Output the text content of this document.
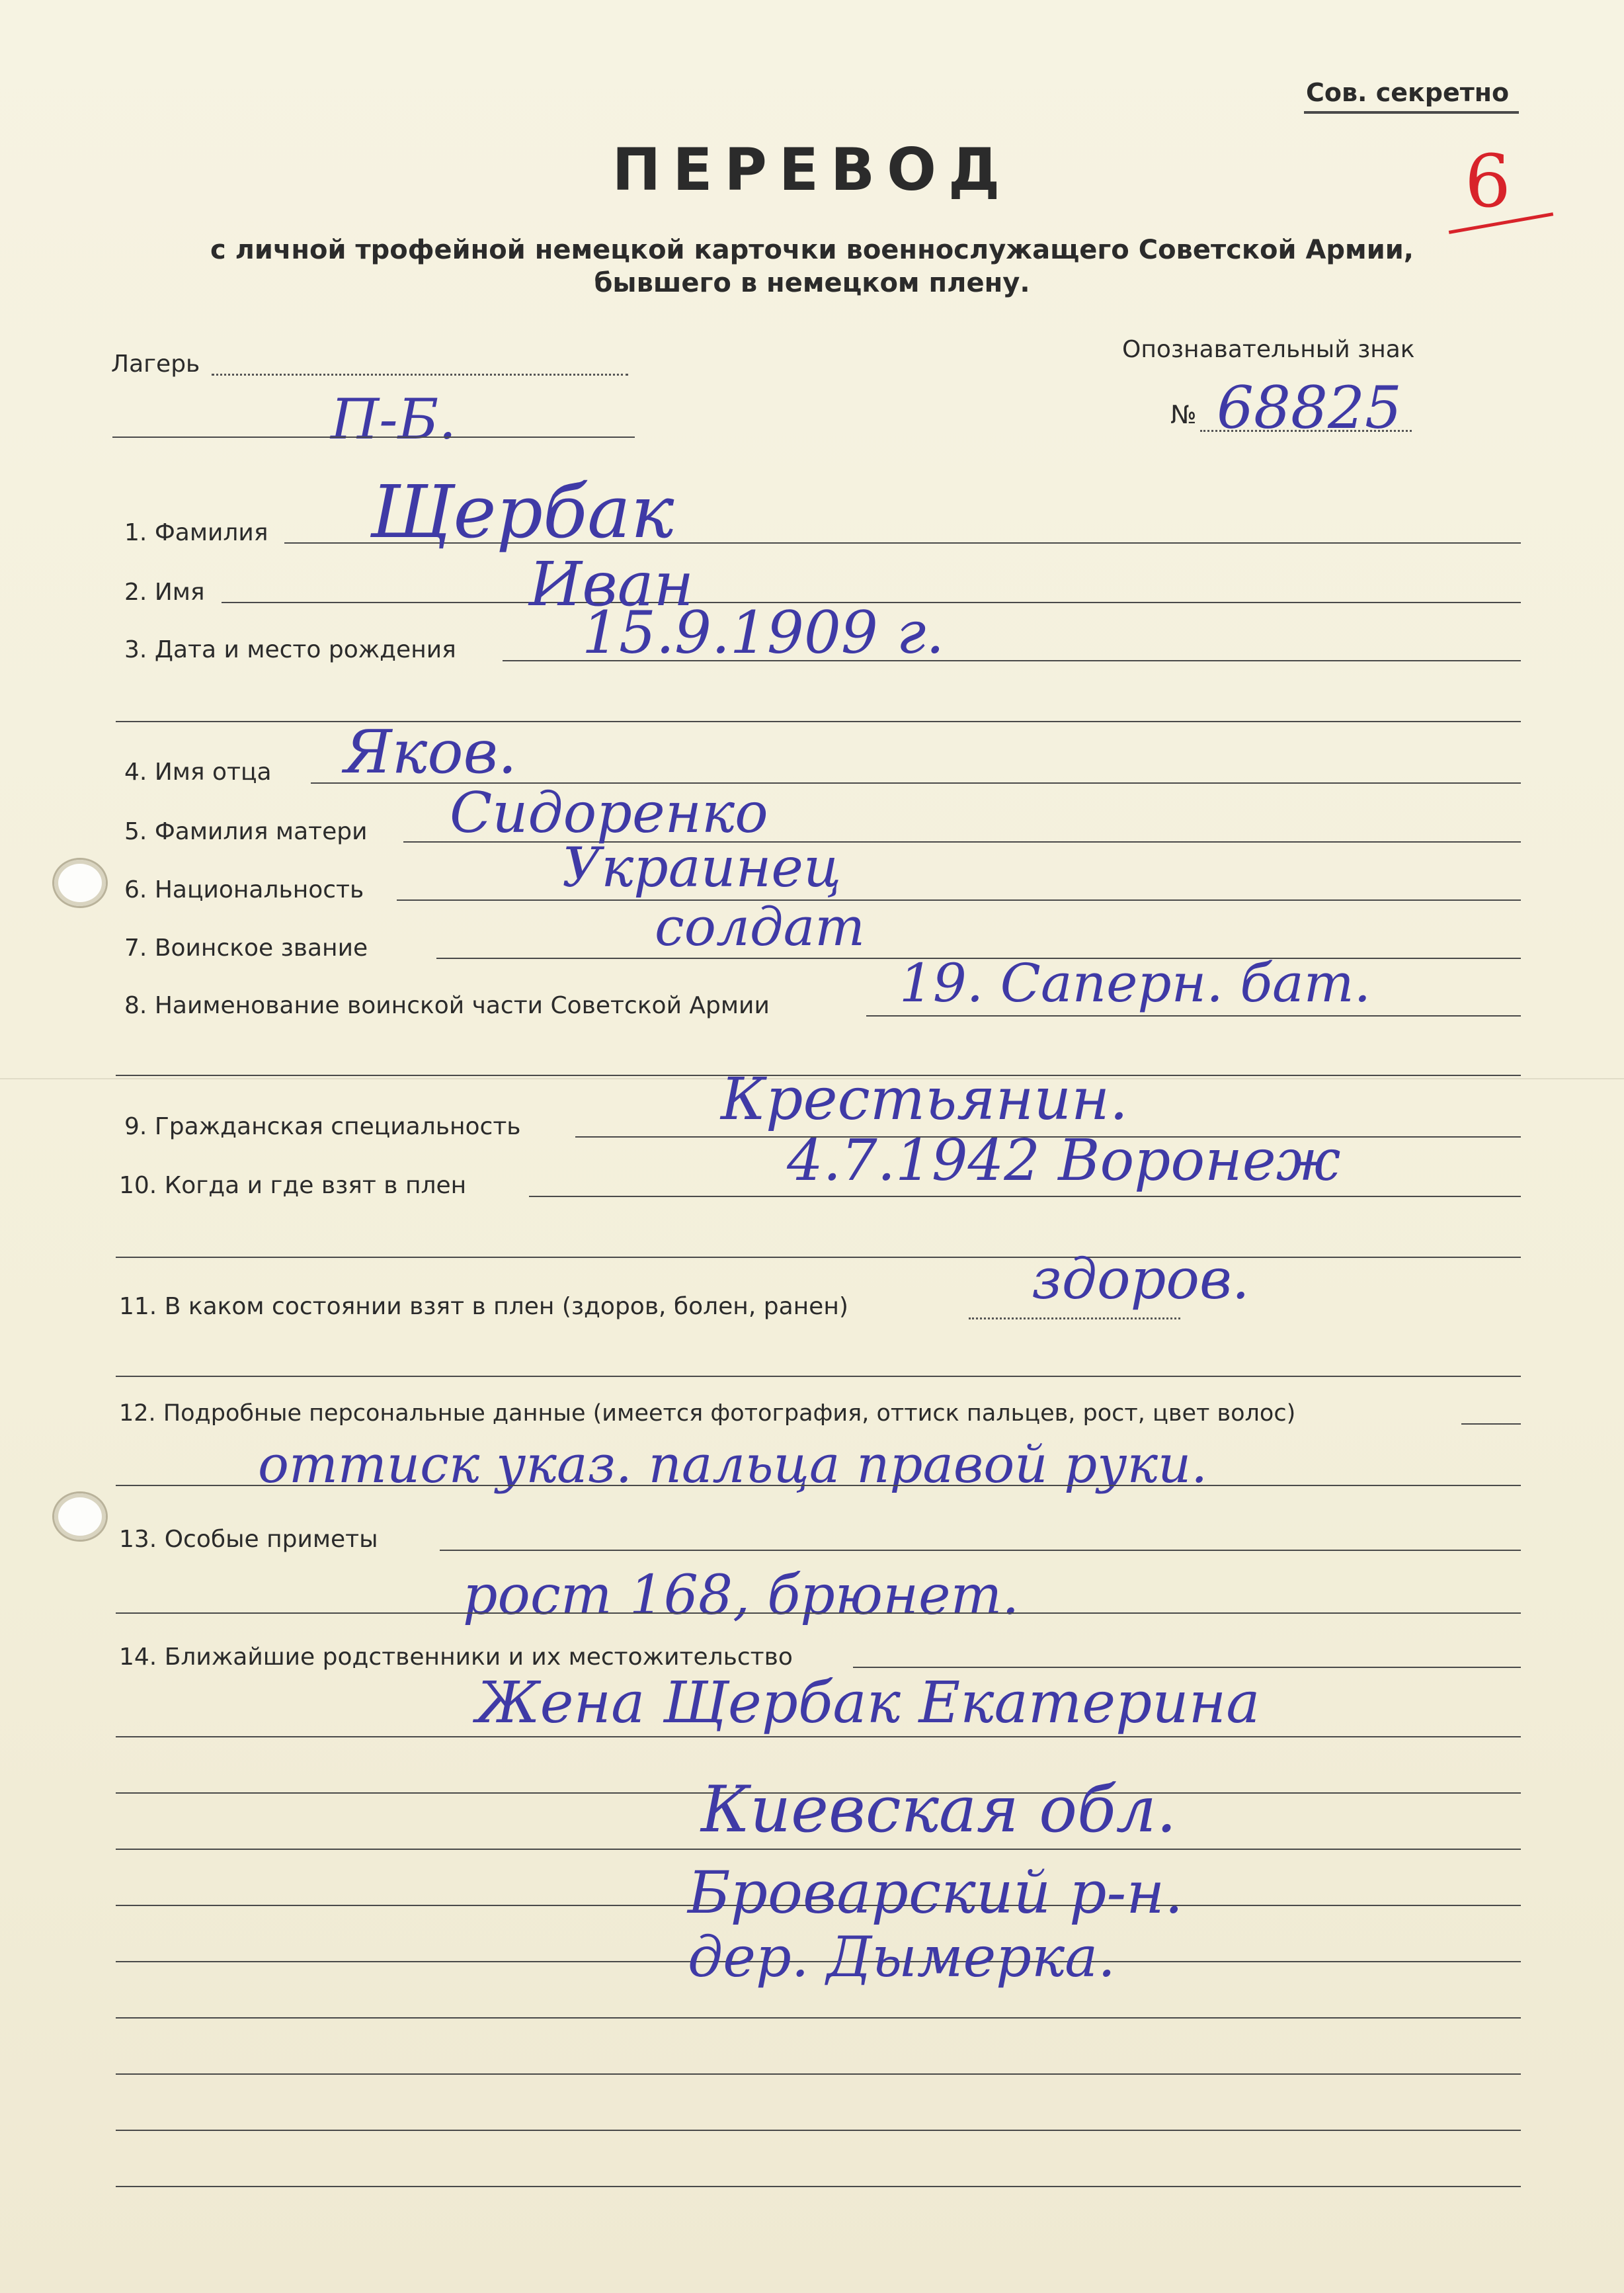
Сов. секретно
6
ПЕРЕВОД
с личной трофейной немецкой карточки военнослужащего Советской Армии,
бывшего в немецком плену.
Лагерь
П-Б.
Опознавательный знак
№ 68825
1. Фамилия Щербак
2. Имя	Иван
3. Дата и место рождения 15.9.1909 г.
4. Имя отца Яков.
5. Фамилия матери Сидоренко
6. Национальность	Украинец
7. Воинское звание	солдат
8. Наименование воинской части Советской Армии 19. Саперн. бат.
9. Гражданская специальность	Крестьянин.
10. Когда и где взят в плен	4.7.1942 Воронеж
11. В каком состоянии взят в плен (здоров, болен, ранен)	здоров.
12. Подробные персональные данные (имеется фотография, оттиск пальцев, рост, цвет волос)
оттиск указ. пальца правой руки.
13. Особые приметы
рост 168, брюнет.
14. Ближайшие родственники и их местожительство
Жена Щербак Екатерина
Киевская обл.
Броварский р-н.
дер. Дымерка.
